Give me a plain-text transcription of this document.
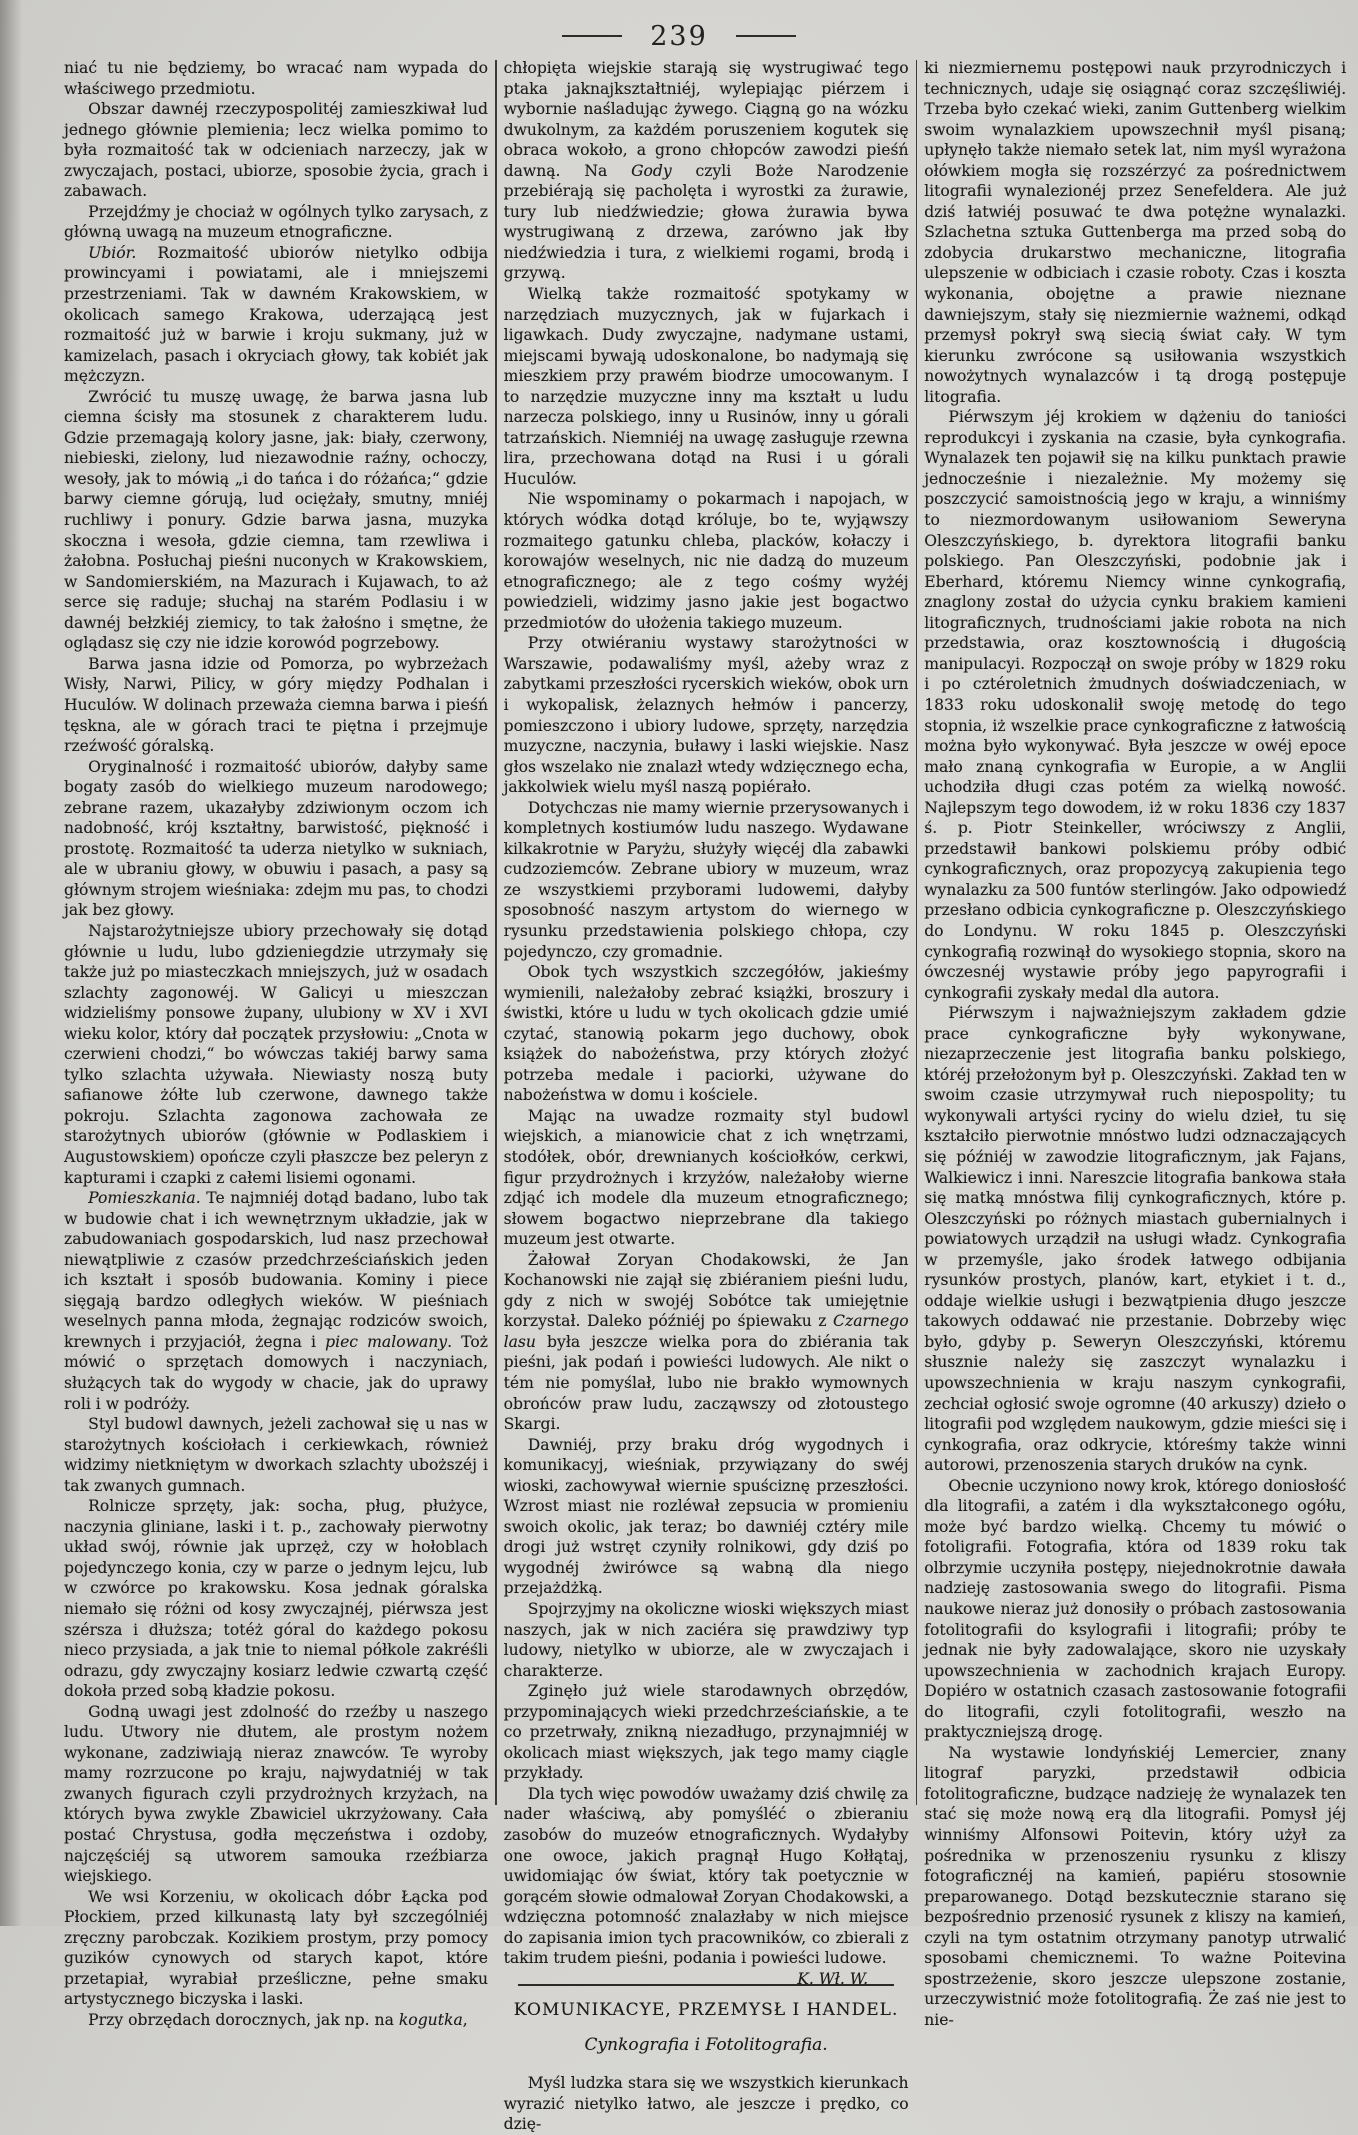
239

niać tu nie będziemy, bo wracać nam wypada do właściwego przedmiotu.

Obszar dawnéj rzeczypospolitéj zamieszkiwał lud jednego głównie plemienia; lecz wielka pomimo to była rozmaitość tak w odcieniach narzeczy, jak w zwyczajach, postaci, ubiorze, sposobie życia, grach i zabawach.

Przejdźmy je chociaż w ogólnych tylko zarysach, z główną uwagą na muzeum etnograficzne.

Ubiór. Rozmaitość ubiorów nietylko odbija prowincyami i powiatami, ale i mniejszemi przestrzeniami. Tak w dawném Krakowskiem, w okolicach samego Krakowa, uderzającą jest rozmaitość już w barwie i kroju sukmany, już w kamizelach, pasach i okryciach głowy, tak kobiét jak mężczyzn.

Zwrócić tu muszę uwagę, że barwa jasna lub ciemna ścisły ma stosunek z charakterem ludu. Gdzie przemagają kolory jasne, jak: biały, czerwony, niebieski, zielony, lud niezawodnie raźny, ochoczy, wesoły, jak to mówią „i do tańca i do różańca;“ gdzie barwy ciemne górują, lud ociężały, smutny, mniéj ruchliwy i ponury. Gdzie barwa jasna, muzyka skoczna i wesoła, gdzie ciemna, tam rzewliwa i żałobna. Posłuchaj pieśni nuconych w Krakowskiem, w Sandomierskiém, na Mazurach i Kujawach, to aż serce się raduje; słuchaj na starém Podlasiu i w dawnéj bełzkiéj ziemicy, to tak żałośno i smętne, że oglądasz się czy nie idzie korowód pogrzebowy.

Barwa jasna idzie od Pomorza, po wybrzeżach Wisły, Narwi, Pilicy, w góry między Podhalan i Huculów. W dolinach przeważa ciemna barwa i pieśń tęskna, ale w górach traci te piętna i przejmuje rzeźwość góralską.

Oryginalność i rozmaitość ubiorów, dałyby same bogaty zasób do wielkiego muzeum narodowego; zebrane razem, ukazałyby zdziwionym oczom ich nadobność, krój kształtny, barwistość, piękność i prostotę. Rozmaitość ta uderza nietylko w sukniach, ale w ubraniu głowy, w obuwiu i pasach, a pasy są głównym strojem wieśniaka: zdejm mu pas, to chodzi jak bez głowy.

Najstarożytniejsze ubiory przechowały się dotąd głównie u ludu, lubo gdzieniegdzie utrzymały się także już po miasteczkach mniejszych, już w osadach szlachty zagonowéj. W Galicyi u mieszczan widzieliśmy ponsowe żupany, ulubiony w XV i XVI wieku kolor, który dał początek przysłowiu: „Cnota w czerwieni chodzi,“ bo wówczas takiéj barwy sama tylko szlachta używała. Niewiasty noszą buty safianowe żółte lub czerwone, dawnego także pokroju. Szlachta zagonowa zachowała ze starożytnych ubiorów (głównie w Podlaskiem i Augustowskiem) opończe czyli płaszcze bez peleryn z kapturami i czapki z całemi lisiemi ogonami.

Pomieszkania. Te najmniéj dotąd badano, lubo tak w budowie chat i ich wewnętrznym układzie, jak w zabudowaniach gospodarskich, lud nasz przechował niewątpliwie z czasów przedchrześciańskich jeden ich kształt i sposób budowania. Kominy i piece sięgają bardzo odległych wieków. W pieśniach weselnych panna młoda, żegnając rodziców swoich, krewnych i przyjaciół, żegna i piec malowany. Toż mówić o sprzętach domowych i naczyniach, służących tak do wygody w chacie, jak do uprawy roli i w podróży.

Styl budowl dawnych, jeżeli zachował się u nas w starożytnych kościołach i cerkiewkach, również widzimy nietkniętym w dworkach szlachty uboższéj i tak zwanych gumnach.

Rolnicze sprzęty, jak: socha, pług, płużyce, naczynia gliniane, laski i t. p., zachowały pierwotny układ swój, równie jak uprzęż, czy w hołoblach pojedynczego konia, czy w parze o jednym lejcu, lub w czwórce po krakowsku. Kosa jednak góralska niemało się różni od kosy zwyczajnéj, piérwsza jest szérsza i dłuższa; totéż góral do każdego pokosu nieco przysiada, a jak tnie to niemal półkole zakréśli odrazu, gdy zwyczajny kosiarz ledwie czwartą część dokoła przed sobą kładzie pokosu.

Godną uwagi jest zdolność do rzeźby u naszego ludu. Utwory nie dłutem, ale prostym nożem wykonane, zadziwiają nieraz znawców. Te wyroby mamy rozrzucone po kraju, najwydatniéj w tak zwanych figurach czyli przydrożnych krzyżach, na których bywa zwykle Zbawiciel ukrzyżowany. Cała postać Chrystusa, godła męczeństwa i ozdoby, najczęściéj są utworem samouka rzeźbiarza wiejskiego.

We wsi Korzeniu, w okolicach dóbr Łącka pod Płockiem, przed kilkunastą laty był szczególniéj zręczny parobczak. Kozikiem prostym, przy pomocy guzików cynowych od starych kapot, które przetapiał, wyrabiał prześliczne, pełne smaku artystycznego biczyska i laski.

Przy obrzędach dorocznych, jak np. na kogutka,

chłopięta wiejskie starają się wystrugiwać tego ptaka jaknajkształtniéj, wylepiając piérzem i wybornie naśladując żywego. Ciągną go na wózku dwukolnym, za każdém poruszeniem kogutek się obraca wokoło, a grono chłopców zawodzi pieśń dawną. Na Gody czyli Boże Narodzenie przebiérają się pacholęta i wyrostki za żurawie, tury lub niedźwiedzie; głowa żurawia bywa wystrugiwaną z drzewa, zarówno jak łby niedźwiedzia i tura, z wielkiemi rogami, brodą i grzywą.

Wielką także rozmaitość spotykamy w narzędziach muzycznych, jak w fujarkach i ligawkach. Dudy zwyczajne, nadymane ustami, miejscami bywają udoskonalone, bo nadymają się mieszkiem przy prawém biodrze umocowanym. I to narzędzie muzyczne inny ma kształt u ludu narzecza polskiego, inny u Rusinów, inny u górali tatrzańskich. Niemniéj na uwagę zasługuje rzewna lira, przechowana dotąd na Rusi i u górali Huculów.

Nie wspominamy o pokarmach i napojach, w których wódka dotąd króluje, bo te, wyjąwszy rozmaitego gatunku chleba, placków, kołaczy i korowajów weselnych, nic nie dadzą do muzeum etnograficznego; ale z tego cośmy wyżéj powiedzieli, widzimy jasno jakie jest bogactwo przedmiotów do ułożenia takiego muzeum.

Przy otwiéraniu wystawy starożytności w Warszawie, podawaliśmy myśl, ażeby wraz z zabytkami przeszłości rycerskich wieków, obok urn i wykopalisk, żelaznych hełmów i pancerzy, pomieszczono i ubiory ludowe, sprzęty, narzędzia muzyczne, naczynia, buławy i laski wiejskie. Nasz głos wszelako nie znalazł wtedy wdzięcznego echa, jakkolwiek wielu myśl naszą popiérało.

Dotychczas nie mamy wiernie przerysowanych i kompletnych kostiumów ludu naszego. Wydawane kilkakrotnie w Paryżu, służyły więcéj dla zabawki cudzoziemców. Zebrane ubiory w muzeum, wraz ze wszystkiemi przyborami ludowemi, dałyby sposobność naszym artystom do wiernego w rysunku przedstawienia polskiego chłopa, czy pojedynczo, czy gromadnie.

Obok tych wszystkich szczegółów, jakieśmy wymienili, należałoby zebrać książki, broszury i świstki, które u ludu w tych okolicach gdzie umié czytać, stanowią pokarm jego duchowy, obok książek do nabożeństwa, przy których złożyć potrzeba medale i paciorki, używane do nabożeństwa w domu i kościele.

Mając na uwadze rozmaity styl budowl wiejskich, a mianowicie chat z ich wnętrzami, stodółek, obór, drewnianych kościołków, cerkwi, figur przydrożnych i krzyżów, należałoby wierne zdjąć ich modele dla muzeum etnograficznego; słowem bogactwo nieprzebrane dla takiego muzeum jest otwarte.

Żałował Zoryan Chodakowski, że Jan Kochanowski nie zajął się zbiéraniem pieśni ludu, gdy z nich w swojéj Sobótce tak umiejętnie korzystał. Daleko późniéj po śpiewaku z Czarnego lasu była jeszcze wielka pora do zbiérania tak pieśni, jak podań i powieści ludowych. Ale nikt o tém nie pomyślał, lubo nie brakło wymownych obrońców praw ludu, zacząwszy od złotoustego Skargi.

Dawniéj, przy braku dróg wygodnych i komunikacyj, wieśniak, przywiązany do swéj wioski, zachowywał wiernie spuściznę przeszłości. Wzrost miast nie rozléwał zepsucia w promieniu swoich okolic, jak teraz; bo dawniéj cztéry mile drogi już wstręt czyniły rolnikowi, gdy dziś po wygodnéj żwirówce są wabną dla niego przejażdżką.

Spojrzyjmy na okoliczne wioski większych miast naszych, jak w nich zaciéra się prawdziwy typ ludowy, nietylko w ubiorze, ale w zwyczajach i charakterze.

Zginęło już wiele starodawnych obrzędów, przypominających wieki przedchrześciańskie, a te co przetrwały, znikną niezadługo, przynajmniéj w okolicach miast większych, jak tego mamy ciągle przykłady.

Dla tych więc powodów uważamy dziś chwilę za nader właściwą, aby pomyśléć o zbieraniu zasobów do muzeów etnograficznych. Wydałyby one owoce, jakich pragnął Hugo Kołłątaj, uwidomiając ów świat, który tak poetycznie w gorącém słowie odmalował Zoryan Chodakowski, a wdzięczna potomność znalazłaby w nich miejsce do zapisania imion tych pracowników, co zbierali z takim trudem pieśni, podania i powieści ludowe.
K. Wł. W.

KOMUNIKACYE, PRZEMYSŁ I HANDEL.
Cynkografia i Fotolitografia.

Myśl ludzka stara się we wszystkich kierunkach wyrazić nietylko łatwo, ale jeszcze i prędko, co dzię-

ki niezmiernemu postępowi nauk przyrodniczych i technicznych, udaje się osiągnąć coraz szczęśliwiéj. Trzeba było czekać wieki, zanim Guttenberg wielkim swoim wynalazkiem upowszechnił myśl pisaną; upłynęło także niemało setek lat, nim myśl wyrażona ołówkiem mogła się rozszérzyć za pośrednictwem litografii wynalezionéj przez Senefeldera. Ale już dziś łatwiéj posuwać te dwa potężne wynalazki. Szlachetna sztuka Guttenberga ma przed sobą do zdobycia drukarstwo mechaniczne, litografia ulepszenie w odbiciach i czasie roboty. Czas i koszta wykonania, obojętne a prawie nieznane dawniejszym, stały się niezmiernie ważnemi, odkąd przemysł pokrył swą siecią świat cały. W tym kierunku zwrócone są usiłowania wszystkich nowożytnych wynalazców i tą drogą postępuje litografia.

Piérwszym jéj krokiem w dążeniu do taniości reprodukcyi i zyskania na czasie, była cynkografia. Wynalazek ten pojawił się na kilku punktach prawie jednocześnie i niezależnie. My możemy się poszczycić samoistnością jego w kraju, a winniśmy to niezmordowanym usiłowaniom Seweryna Oleszczyńskiego, b. dyrektora litografii banku polskiego. Pan Oleszczyński, podobnie jak i Eberhard, któremu Niemcy winne cynkografią, znaglony został do użycia cynku brakiem kamieni litograficznych, trudnościami jakie robota na nich przedstawia, oraz kosztownością i długością manipulacyi. Rozpoczął on swoje próby w 1829 roku i po cztéroletnich żmudnych doświadczeniach, w 1833 roku udoskonalił swoję metodę do tego stopnia, iż wszelkie prace cynkograficzne z łatwością można było wykonywać. Była jeszcze w owéj epoce mało znaną cynkografia w Europie, a w Anglii uchodziła długi czas potém za wielką nowość. Najlepszym tego dowodem, iż w roku 1836 czy 1837 ś. p. Piotr Steinkeller, wróciwszy z Anglii, przedstawił bankowi polskiemu próby odbić cynkograficznych, oraz propozycyą zakupienia tego wynalazku za 500 funtów sterlingów. Jako odpowiedź przesłano odbicia cynkograficzne p. Oleszczyńskiego do Londynu. W roku 1845 p. Oleszczyński cynkografią rozwinął do wysokiego stopnia, skoro na ówczesnéj wystawie próby jego papyrografii i cynkografii zyskały medal dla autora.

Piérwszym i najważniejszym zakładem gdzie prace cynkograficzne były wykonywane, niezaprzeczenie jest litografia banku polskiego, któréj przełożonym był p. Oleszczyński. Zakład ten w swoim czasie utrzymywał ruch niepospolity; tu wykonywali artyści ryciny do wielu dzieł, tu się kształciło pierwotnie mnóstwo ludzi odznaczających się późniéj w zawodzie litograficznym, jak Fajans, Walkiewicz i inni. Nareszcie litografia bankowa stała się matką mnóstwa filij cynkograficznych, które p. Oleszczyński po różnych miastach gubernialnych i powiatowych urządził na usługi władz. Cynkografia w przemyśle, jako środek łatwego odbijania rysunków prostych, planów, kart, etykiet i t. d., oddaje wielkie usługi i bezwątpienia długo jeszcze takowych oddawać nie przestanie. Dobrzeby więc było, gdyby p. Seweryn Oleszczyński, któremu słusznie należy się zaszczyt wynalazku i upowszechnienia w kraju naszym cynkografii, zechciał ogłosić swoje ogromne (40 arkuszy) dzieło o litografii pod względem naukowym, gdzie mieści się i cynkografia, oraz odkrycie, któreśmy także winni autorowi, przenoszenia starych druków na cynk.

Obecnie uczyniono nowy krok, którego doniosłość dla litografii, a zatém i dla wykształconego ogółu, może być bardzo wielką. Chcemy tu mówić o fotoligrafii. Fotografia, która od 1839 roku tak olbrzymie uczyniła postępy, niejednokrotnie dawała nadzieję zastosowania swego do litografii. Pisma naukowe nieraz już donosiły o próbach zastosowania fotolitografii do ksylografii i litografii; próby te jednak nie były zadowalające, skoro nie uzyskały upowszechnienia w zachodnich krajach Europy. Dopiéro w ostatnich czasach zastosowanie fotografii do litografii, czyli fotolitografii, weszło na praktyczniejszą drogę.

Na wystawie londyńskiéj Lemercier, znany litograf paryzki, przedstawił odbicia fotolitograficzne, budzące nadzieję że wynalazek ten stać się może nową erą dla litografii. Pomysł jéj winniśmy Alfonsowi Poitevin, który użył za pośrednika w przenoszeniu rysunku z kliszy fotograficznéj na kamień, papiéru stosownie preparowanego. Dotąd bezskutecznie starano się bezpośrednio przenosić rysunek z kliszy na kamień, czyli na tym ostatnim otrzymany panotyp utrwalić sposobami chemicznemi. To ważne Poitevina spostrzeżenie, skoro jeszcze ulepszone zostanie, urzeczywistnić może fotolitografią. Że zaś nie jest to nie-
